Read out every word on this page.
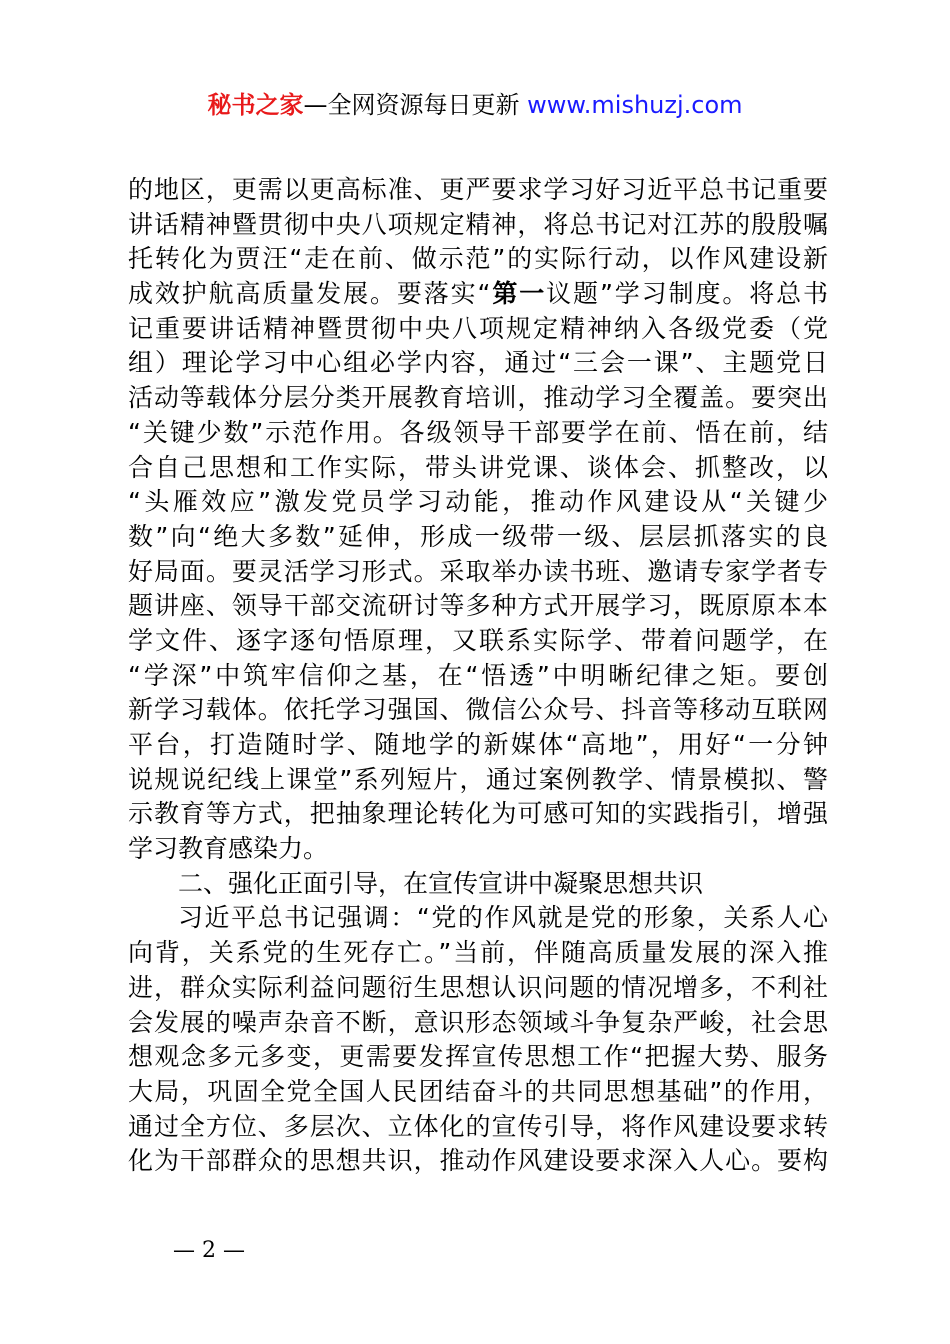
秘书之家—全网资源每日更新 www.mishuzj.com
的地区，更需以更高标准、更严要求学习好习近平总书记重要
讲话精神暨贯彻中央八项规定精神，将总书记对江苏的殷殷嘱
托转化为贾汪“走在前、做示范”的实际行动，以作风建设新
成效护航高质量发展。要落实“第一议题”学习制度。将总书
记重要讲话精神暨贯彻中央八项规定精神纳入各级党委（党
组）理论学习中心组必学内容，通过“三会一课”、主题党日
活动等载体分层分类开展教育培训，推动学习全覆盖。要突出
“关键少数”示范作用。各级领导干部要学在前、悟在前，结
合自己思想和工作实际，带头讲党课、谈体会、抓整改，以
“头雁效应”激发党员学习动能，推动作风建设从“关键少
数”向“绝大多数”延伸，形成一级带一级、层层抓落实的良
好局面。要灵活学习形式。采取举办读书班、邀请专家学者专
题讲座、领导干部交流研讨等多种方式开展学习，既原原本本
学文件、逐字逐句悟原理，又联系实际学、带着问题学，在
“学深”中筑牢信仰之基，在“悟透”中明晰纪律之矩。要创
新学习载体。依托学习强国、微信公众号、抖音等移动互联网
平台，打造随时学、随地学的新媒体“高地”，用好“一分钟
说规说纪线上课堂”系列短片，通过案例教学、情景模拟、警
示教育等方式，把抽象理论转化为可感可知的实践指引，增强
学习教育感染力。
二、强化正面引导，在宣传宣讲中凝聚思想共识
习近平总书记强调：“党的作风就是党的形象，关系人心
向背，关系党的生死存亡。”当前，伴随高质量发展的深入推
进，群众实际利益问题衍生思想认识问题的情况增多，不利社
会发展的噪声杂音不断，意识形态领域斗争复杂严峻，社会思
想观念多元多变，更需要发挥宣传思想工作“把握大势、服务
大局，巩固全党全国人民团结奋斗的共同思想基础”的作用，
通过全方位、多层次、立体化的宣传引导，将作风建设要求转
化为干部群众的思想共识，推动作风建设要求深入人心。要构
— 2 —
